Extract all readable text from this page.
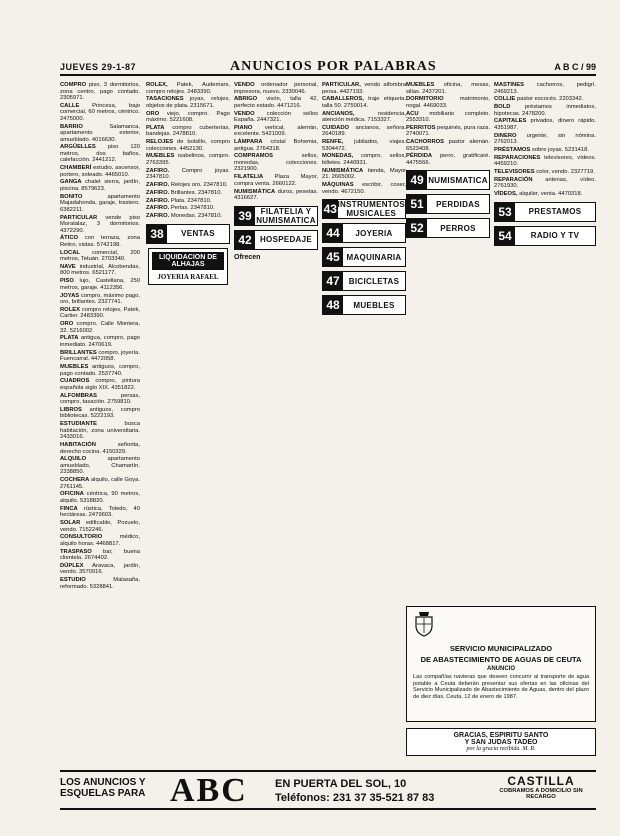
JUEVES 29-1-87	ANUNCIOS POR PALABRAS	A B C / 99

COMPRO piso, 3 dormitorios, zona centro, pago contado. 2305971.

CALLE Princesa, bajo comercial, 60 metros, céntrico. 2475000.

BARRIO	Salamanca, apartamento exterior, amueblado. 4016630.

ARGÜELLES piso 120 metros, dos baños, calefacción. 2441212.

CHAMBERÍ estudio, ascensor, portero, soleado. 4465010.

GANGA chalet sierra, jardín, piscina. 8579623.

BONITO	apartamento Majadahonda, garaje, trastero. 6382211.

PARTICULAR vende piso Moratalaz, 3 dormitorios. 4372290.

ÁTICO con terraza, zona Retiro, vistas. 5742198.

LOCAL comercial, 200 metros, Tetuán. 2703340.

NAVE industrial, Alcobendas, 800 metros. 6521177.

PISO lujo, Castellana, 250 metros, garaje. 4112356.

JOYAS compro, máximo pago, oro, brillantes. 2327741.

ROLEX compro relojes, Patek, Cartier. 2483390.

ORO compro. Calle Montera, 32. 5216002.

PLATA antigua, compro, pago inmediato. 2470619.

BRILLANTES compro, joyería. Fuencarral. 4472058.

MUEBLES antiguos, compro, pago contado. 2537740.

CUADROS compro, pintura española siglo XIX. 4351822.

ALFOMBRAS	persas, compro, tasación. 2759810.

LIBROS antiguos, compro bibliotecas. 5222193.

ESTUDIANTE	busca habitación, zona universitaria. 2433016.

HABITACIÓN	señorita, derecho cocina. 4150329.

ALQUILO	apartamento amueblado, Chamartín. 2338850.

COCHERA alquilo, calle Goya. 2761145.

OFICINA céntrica, 90 metros, alquilo. 5318820.

FINCA rústica, Toledo, 40 hectáreas. 2479603.

SOLAR edificable, Pozuelo, vendo. 7152246.

CONSULTORIO	médico, alquilo horas. 4468817.

TRASPASO bar, buena clientela. 2674402.

DÚPLEX Aravaca, jardín, vendo. 3570916.

ESTUDIO	Malasaña, reformado. 5328841.

ROLEX, Patek, Audemars, compro relojes. 2483390.

TASACIONES joyas, relojes, objetos de plata. 2315671.

ORO viejo, compro. Pago máximo. 5221608.

PLATA compro cuberterías, bandejas. 2478810.

RELOJES de bolsillo, compro colecciones. 4452130.

MUEBLES isabelinos, compro. 2763395.

ZAFIRO. Compro joyas. 2347810.

ZAFIRO. Relojes oro. 2347810.

ZAFIRO. Brillantes. 2347810.

ZAFIRO. Plata. 2347810.

ZAFIRO. Perlas. 2347810.

ZAFIRO. Monedas. 2347810.

38	VENTAS
LIQUIDACION DE ALHAJAS
JOYERIA RAFAEL

VENDO ordenador personal, impresora, nuevo. 2330046.

ABRIGO visón, talla 42, perfecto estado. 4471216.

VENDO colección sellos España. 2447321.

PIANO vertical, alemán, excelente. 5421009.

LÁMPARA cristal Bohemia, antigua. 2764318.

COMPRAMOS	sellos, monedas, colecciones. 2321900.

FILATELIA Plaza Mayor, compra venta. 2660122.

NUMISMÁTICA duros, pesetas. 4316627.

39	FILATELIA Y NUMISMATICA
42	HOSPEDAJE
Ofrecen

PARTICULAR, vendo alfombra persa. 4427193.

CABALLEROS, traje etiqueta, talla 50. 2750014.

ANCIANOS,	residencia, atención médica. 7153327.

CUIDADO ancianos, señora. 2640189.

RENFE, jubilados, viajes. 5304472.

MONEDAS, compro, sellos, billetes. 2440931.

NUMISMÁTICA tienda, Mayor 21. 2665002.

MÁQUINAS escribir, coser, vendo. 4672150.

43 INSTRUMENTOS MUSICALES
44	JOYERIA
45 MAQUINARIA
47	BICICLETAS
48	MUEBLES

MUEBLES oficina, mesas, sillas. 2437201.

DORMITORIO	matrimonio, nogal. 4469033.

ACU mobiliario completo. 2553310.

PERRITOS pequinés, pura raza. 2740071.

CACHORROS pastor alemán. 6523408.

PÉRDIDA perro, gratificaré. 4475566.

49 NUMISMATICA
51	PERDIDAS
52	PERROS

MASTINES cachorros, pedigrí. 2469213.

COLLIE pastor escocés. 2203342.

BOLD préstamos inmediatos, hipotecas. 2478200.

CAPITALES privados, dinero rápido. 4351987.

DINERO urgente, sin nómina. 2762013.

PRÉSTAMOS sobre joyas. 5231418.

REPARACIONES televisores, vídeos. 4459210.

TELEVISORES color, vendo. 2327719.

REPARACIÓN antenas, vídeo. 2761930.

VÍDEOS, alquiler, venta. 4470318.

53	PRESTAMOS
54	RADIO Y TV
SERVICIO MUNICIPALIZADO
DE ABASTECIMIENTO DE AGUAS DE CEUTA
ANUNCIO
Las compañías navieras que deseen concurrir al transporte de agua potable a Ceuta deberán presentar sus ofertas en las oficinas del Servicio Municipalizado de Abastecimiento de Aguas, dentro del plazo de diez días. Ceuta, 12 de enero de 1987.
GRACIAS, ESPIRITU SANTO
Y SAN JUDAS TADEO
por la gracia recibida. M. R.
LOS ANUNCIOS Y ESQUELAS PARA ABC EN PUERTA DEL SOL, 10
Teléfonos: 231 37 35-521 87 83
CASTILLA
COBRAMOS A DOMICILIO SIN RECARGO
